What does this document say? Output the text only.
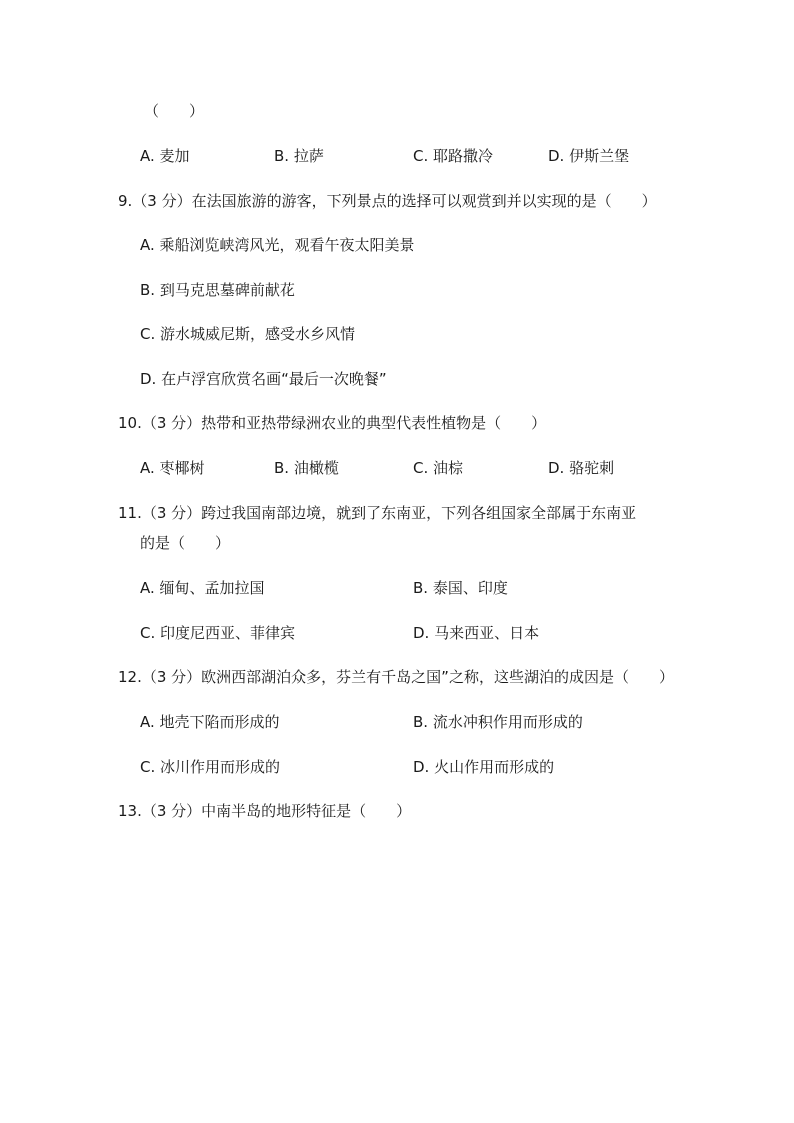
（　　）
A. 麦加	B. 拉萨	C. 耶路撒冷	D. 伊斯兰堡
9.（3 分）在法国旅游的游客，下列景点的选择可以观赏到并以实现的是（　　）
A. 乘船浏览峡湾风光，观看午夜太阳美景
B. 到马克思墓碑前献花
C. 游水城威尼斯，感受水乡风情
D. 在卢浮宫欣赏名画“最后一次晚餐”
10.（3 分）热带和亚热带绿洲农业的典型代表性植物是（　　）
A. 枣椰树	B. 油橄榄	C. 油棕	D. 骆驼刺
11.（3 分）跨过我国南部边境，就到了东南亚，下列各组国家全部属于东南亚
的是（　　）
A. 缅甸、孟加拉国	B. 泰国、印度
C. 印度尼西亚、菲律宾	D. 马来西亚、日本
12.（3 分）欧洲西部湖泊众多，芬兰有千岛之国”之称，这些湖泊的成因是（　　）
A. 地壳下陷而形成的	B. 流水冲积作用而形成的
C. 冰川作用而形成的	D. 火山作用而形成的
13.（3 分）中南半岛的地形特征是（　　）
